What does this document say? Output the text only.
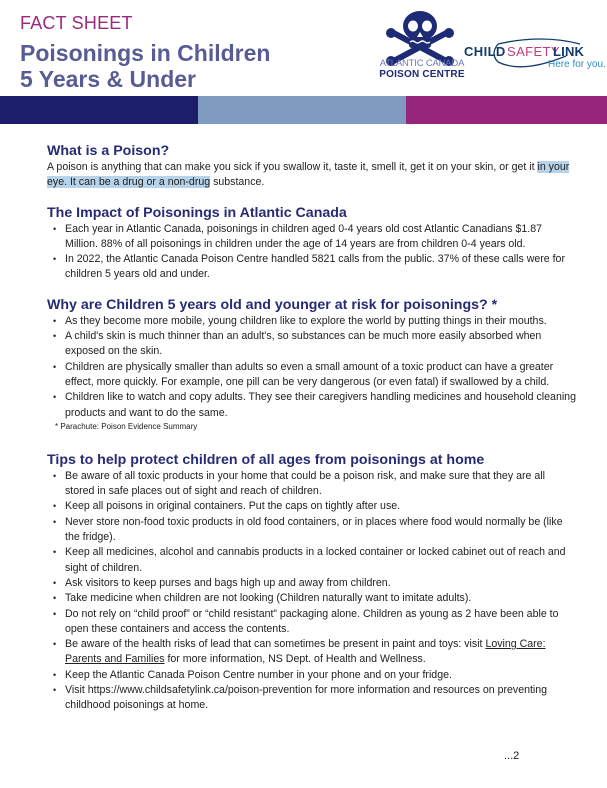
FACT SHEET
Poisonings in Children
5 Years & Under
ATLANTIC CANADA
POISON CENTRE
CHILD SAFETY
LINK
Here for you.
What is a Poison?

A poison is anything that can make you sick if you swallow it, taste it, smell it, get it on your skin, or get it in your eye. It can be a drug or a non-drug substance.

The Impact of Poisonings in Atlantic Canada
• Each year in Atlantic Canada, poisonings in children aged 0-4 years old cost Atlantic Canadians $1.87 Million. 88% of all poisonings in children under the age of 14 years are from children 0-4 years old.
• In 2022, the Atlantic Canada Poison Centre handled 5821 calls from the public. 37% of these calls were for children 5 years old and under.
Why are Children 5 years old and younger at risk for poisonings? *
• As they become more mobile, young children like to explore the world by putting things in their mouths.
• A child's skin is much thinner than an adult's, so substances can be much more easily absorbed when exposed on the skin.
• Children are physically smaller than adults so even a small amount of a toxic product can have a greater effect, more quickly. For example, one pill can be very dangerous (or even fatal) if swallowed by a child.
• Children like to watch and copy adults. They see their caregivers handling medicines and household cleaning products and want to do the same.
* Parachute: Poison Evidence Summary
Tips to help protect children of all ages from poisonings at home
• Be aware of all toxic products in your home that could be a poison risk, and make sure that they are all stored in safe places out of sight and reach of children.
• Keep all poisons in original containers. Put the caps on tightly after use.
• Never store non-food toxic products in old food containers, or in places where food would normally be (like the fridge).
• Keep all medicines, alcohol and cannabis products in a locked container or locked cabinet out of reach and sight of children.
• Ask visitors to keep purses and bags high up and away from children.
• Take medicine when children are not looking (Children naturally want to imitate adults).
• Do not rely on “child proof” or “child resistant” packaging alone. Children as young as 2 have been able to open these containers and access the contents.
• Be aware of the health risks of lead that can sometimes be present in paint and toys: visit Loving Care: Parents and Families for more information, NS Dept. of Health and Wellness.
• Keep the Atlantic Canada Poison Centre number in your phone and on your fridge.
• Visit https://www.childsafetylink.ca/poison-prevention for more information and resources on preventing childhood poisonings at home.
...2
